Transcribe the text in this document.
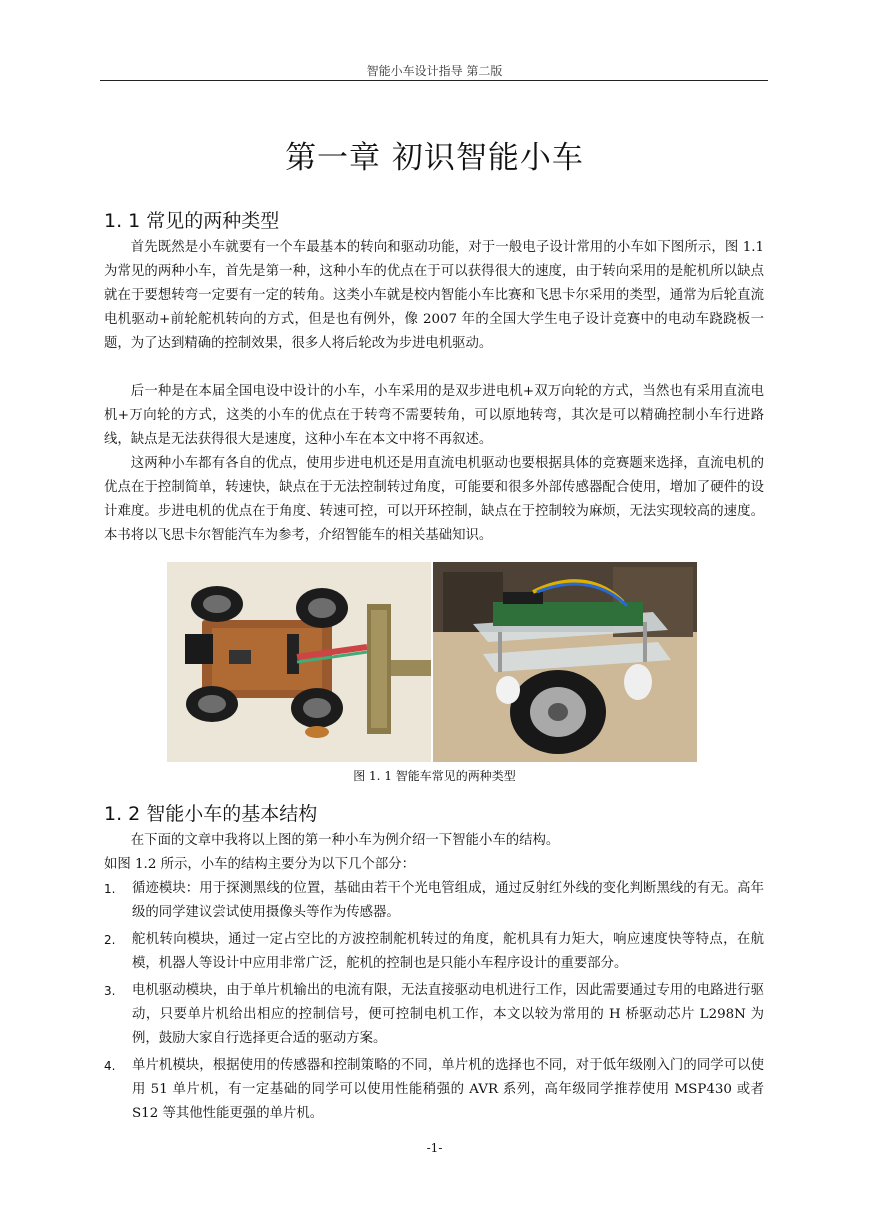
智能小车设计指导 第二版
第一章 初识智能小车
1. 1 常见的两种类型

首先既然是小车就要有一个车最基本的转向和驱动功能，对于一般电子设计常用的小车如下图所示，图 1.1 为常见的两种小车，首先是第一种，这种小车的优点在于可以获得很大的速度，由于转向采用的是舵机所以缺点就在于要想转弯一定要有一定的转角。这类小车就是校内智能小车比赛和飞思卡尔采用的类型，通常为后轮直流电机驱动+前轮舵机转向的方式，但是也有例外，像 2007 年的全国大学生电子设计竞赛中的电动车跷跷板一题，为了达到精确的控制效果，很多人将后轮改为步进电机驱动。

后一种是在本届全国电设中设计的小车，小车采用的是双步进电机+双万向轮的方式，当然也有采用直流电机+万向轮的方式，这类的小车的优点在于转弯不需要转角，可以原地转弯，其次是可以精确控制小车行进路线，缺点是无法获得很大是速度，这种小车在本文中将不再叙述。

这两种小车都有各自的优点，使用步进电机还是用直流电机驱动也要根据具体的竞赛题来选择，直流电机的优点在于控制简单，转速快，缺点在于无法控制转过角度，可能要和很多外部传感器配合使用，增加了硬件的设计难度。步进电机的优点在于角度、转速可控，可以开环控制，缺点在于控制较为麻烦，无法实现较高的速度。本书将以飞思卡尔智能汽车为参考，介绍智能车的相关基础知识。

图 1. 1 智能车常见的两种类型
1. 2 智能小车的基本结构

在下面的文章中我将以上图的第一种小车为例介绍一下智能小车的结构。

如图 1.2 所示，小车的结构主要分为以下几个部分：

1. 循迹模块：用于探测黑线的位置，基础由若干个光电管组成，通过反射红外线的变化判断黑线的有无。高年级的同学建议尝试使用摄像头等作为传感器。
2. 舵机转向模块，通过一定占空比的方波控制舵机转过的角度，舵机具有力矩大，响应速度快等特点，在航模，机器人等设计中应用非常广泛，舵机的控制也是只能小车程序设计的重要部分。
3. 电机驱动模块，由于单片机输出的电流有限，无法直接驱动电机进行工作，因此需要通过专用的电路进行驱动，只要单片机给出相应的控制信号，便可控制电机工作，本文以较为常用的 H 桥驱动芯片 L298N 为例，鼓励大家自行选择更合适的驱动方案。
4. 单片机模块，根据使用的传感器和控制策略的不同，单片机的选择也不同，对于低年级刚入门的同学可以使用 51 单片机，有一定基础的同学可以使用性能稍强的 AVR 系列，高年级同学推荐使用 MSP430 或者 S12 等其他性能更强的单片机。
-1-
